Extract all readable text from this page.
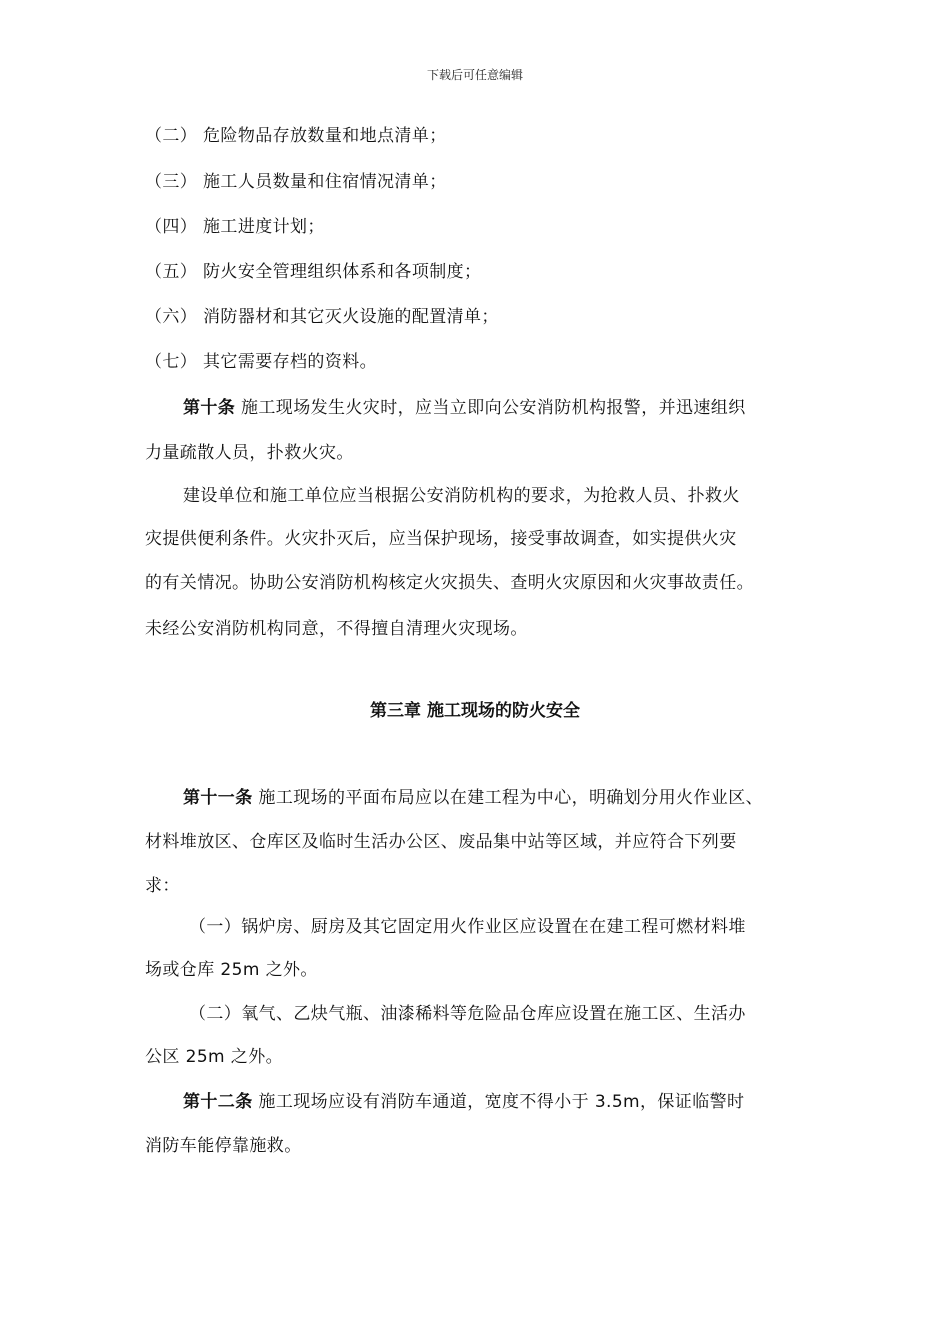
下载后可任意编辑
（二） 危险物品存放数量和地点清单；
（三） 施工人员数量和住宿情况清单；
（四） 施工进度计划；
（五） 防火安全管理组织体系和各项制度；
（六） 消防器材和其它灭火设施的配置清单；
（七） 其它需要存档的资料。
第十条 施工现场发生火灾时，应当立即向公安消防机构报警，并迅速组织
力量疏散人员，扑救火灾。
建设单位和施工单位应当根据公安消防机构的要求，为抢救人员、扑救火
灾提供便利条件。火灾扑灭后，应当保护现场，接受事故调查，如实提供火灾
的有关情况。协助公安消防机构核定火灾损失、查明火灾原因和火灾事故责任。
未经公安消防机构同意，不得擅自清理火灾现场。
第三章 施工现场的防火安全
第十一条 施工现场的平面布局应以在建工程为中心，明确划分用火作业区、
材料堆放区、仓库区及临时生活办公区、废品集中站等区域，并应符合下列要
求：
（一）锅炉房、厨房及其它固定用火作业区应设置在在建工程可燃材料堆
场或仓库 25m 之外。
（二）氧气、乙炔气瓶、油漆稀料等危险品仓库应设置在施工区、生活办
公区 25m 之外。
第十二条 施工现场应设有消防车通道，宽度不得小于 3.5m，保证临警时
消防车能停靠施救。
